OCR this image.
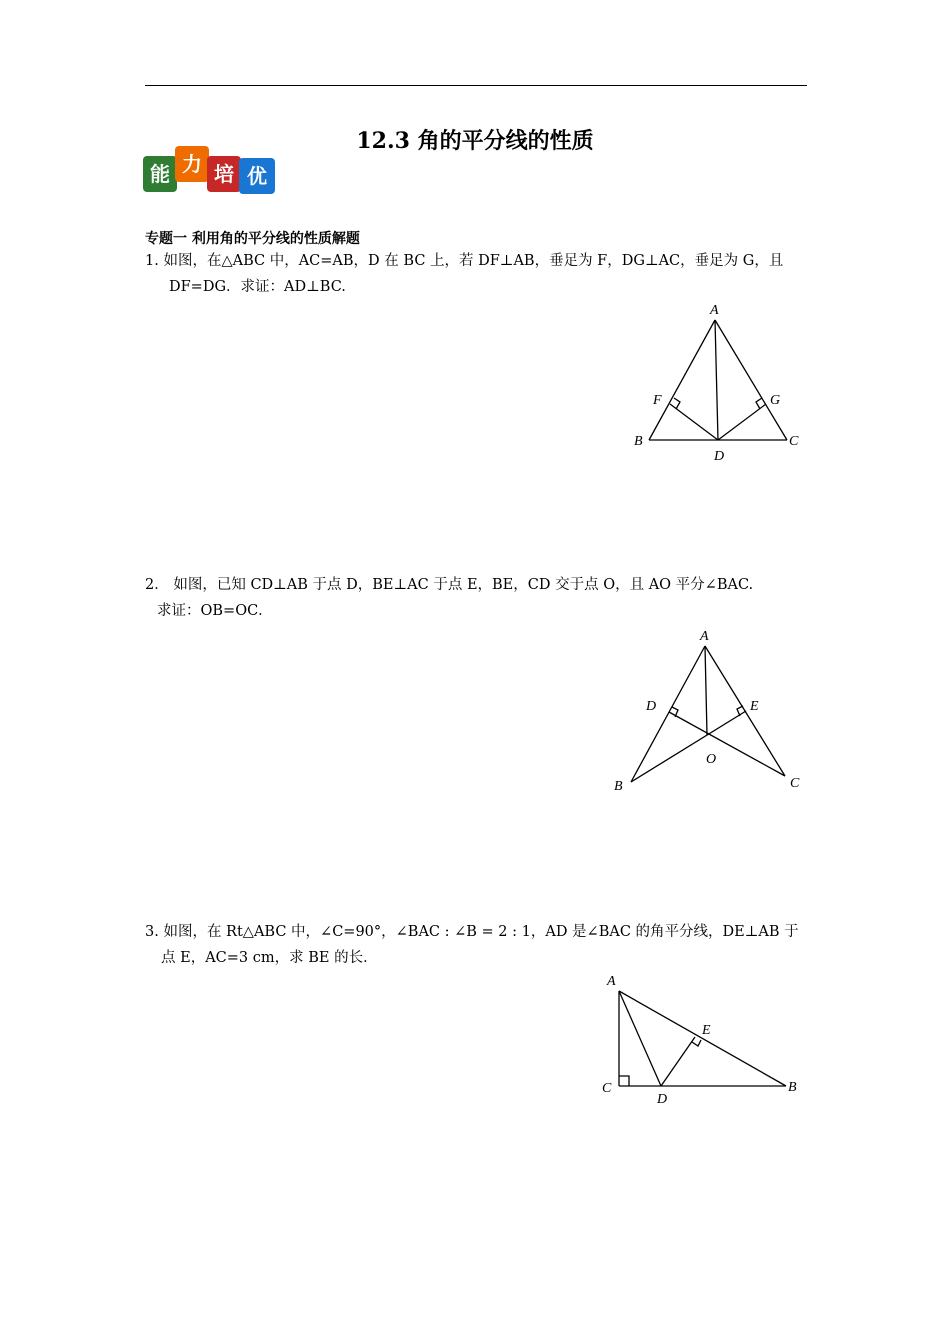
12.3 角的平分线的性质
能 力 培 优
专题一 利用角的平分线的性质解题
1. 如图，在△ABC 中，AC=AB，D 在 BC 上，若 DF⊥AB，垂足为 F，DG⊥AC，垂足为 G，且
DF=DG．求证：AD⊥BC.
A
B	C
D
F	G
2． 如图，已知 CD⊥AB 于点 D，BE⊥AC 于点 E，BE，CD 交于点 O，且 AO 平分∠BAC.
求证：OB=OC．
A
B	C
D	E
O
3. 如图，在 Rt△ABC 中，∠C=90°，∠BAC : ∠B = 2 : 1，AD 是∠BAC 的角平分线，DE⊥AB 于
点 E，AC=3 cm，求 BE 的长．
A
B
C
D
E
